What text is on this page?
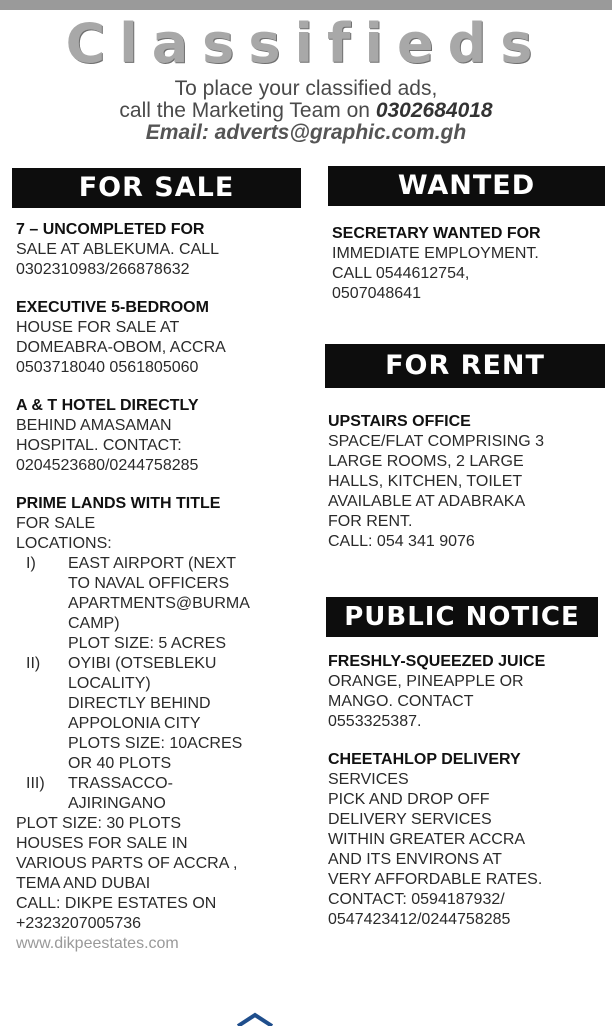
Classifieds
To place your classified ads,
call the Marketing Team on 0302684018
Email: adverts@graphic.com.gh
FOR SALE
7 – UNCOMPLETED FOR
SALE AT ABLEKUMA. CALL
0302310983/266878632
EXECUTIVE 5-BEDROOM
HOUSE FOR SALE AT
DOMEABRA-OBOM, ACCRA
0503718040 0561805060
A & T HOTEL DIRECTLY
BEHIND AMASAMAN
HOSPITAL. CONTACT:
0204523680/0244758285
PRIME LANDS WITH TITLE
FOR SALE
LOCATIONS:
I)	EAST AIRPORT (NEXT
TO NAVAL OFFICERS
APARTMENTS@BURMA
CAMP)
PLOT SIZE: 5 ACRES
II)	OYIBI (OTSEBLEKU
LOCALITY)
DIRECTLY BEHIND
APPOLONIA CITY
PLOTS SIZE: 10ACRES
OR 40 PLOTS
III)	TRASSACCO-
AJIRINGANO
PLOT SIZE: 30 PLOTS
HOUSES FOR SALE IN
VARIOUS PARTS OF ACCRA ,
TEMA AND DUBAI
CALL: DIKPE ESTATES ON
+2323207005736
www.dikpeestates.com
WANTED
SECRETARY WANTED FOR
IMMEDIATE EMPLOYMENT.
CALL 0544612754,
0507048641
FOR RENT
UPSTAIRS OFFICE
SPACE/FLAT COMPRISING 3
LARGE ROOMS, 2 LARGE
HALLS, KITCHEN, TOILET
AVAILABLE AT ADABRAKA
FOR RENT.
CALL: 054 341 9076
PUBLIC NOTICE
FRESHLY-SQUEEZED JUICE
ORANGE, PINEAPPLE OR
MANGO. CONTACT
0553325387.
CHEETAHLOP DELIVERY
SERVICES
PICK AND DROP OFF
DELIVERY SERVICES
WITHIN GREATER ACCRA
AND ITS ENVIRONS AT
VERY AFFORDABLE RATES.
CONTACT: 0594187932/
0547423412/0244758285
